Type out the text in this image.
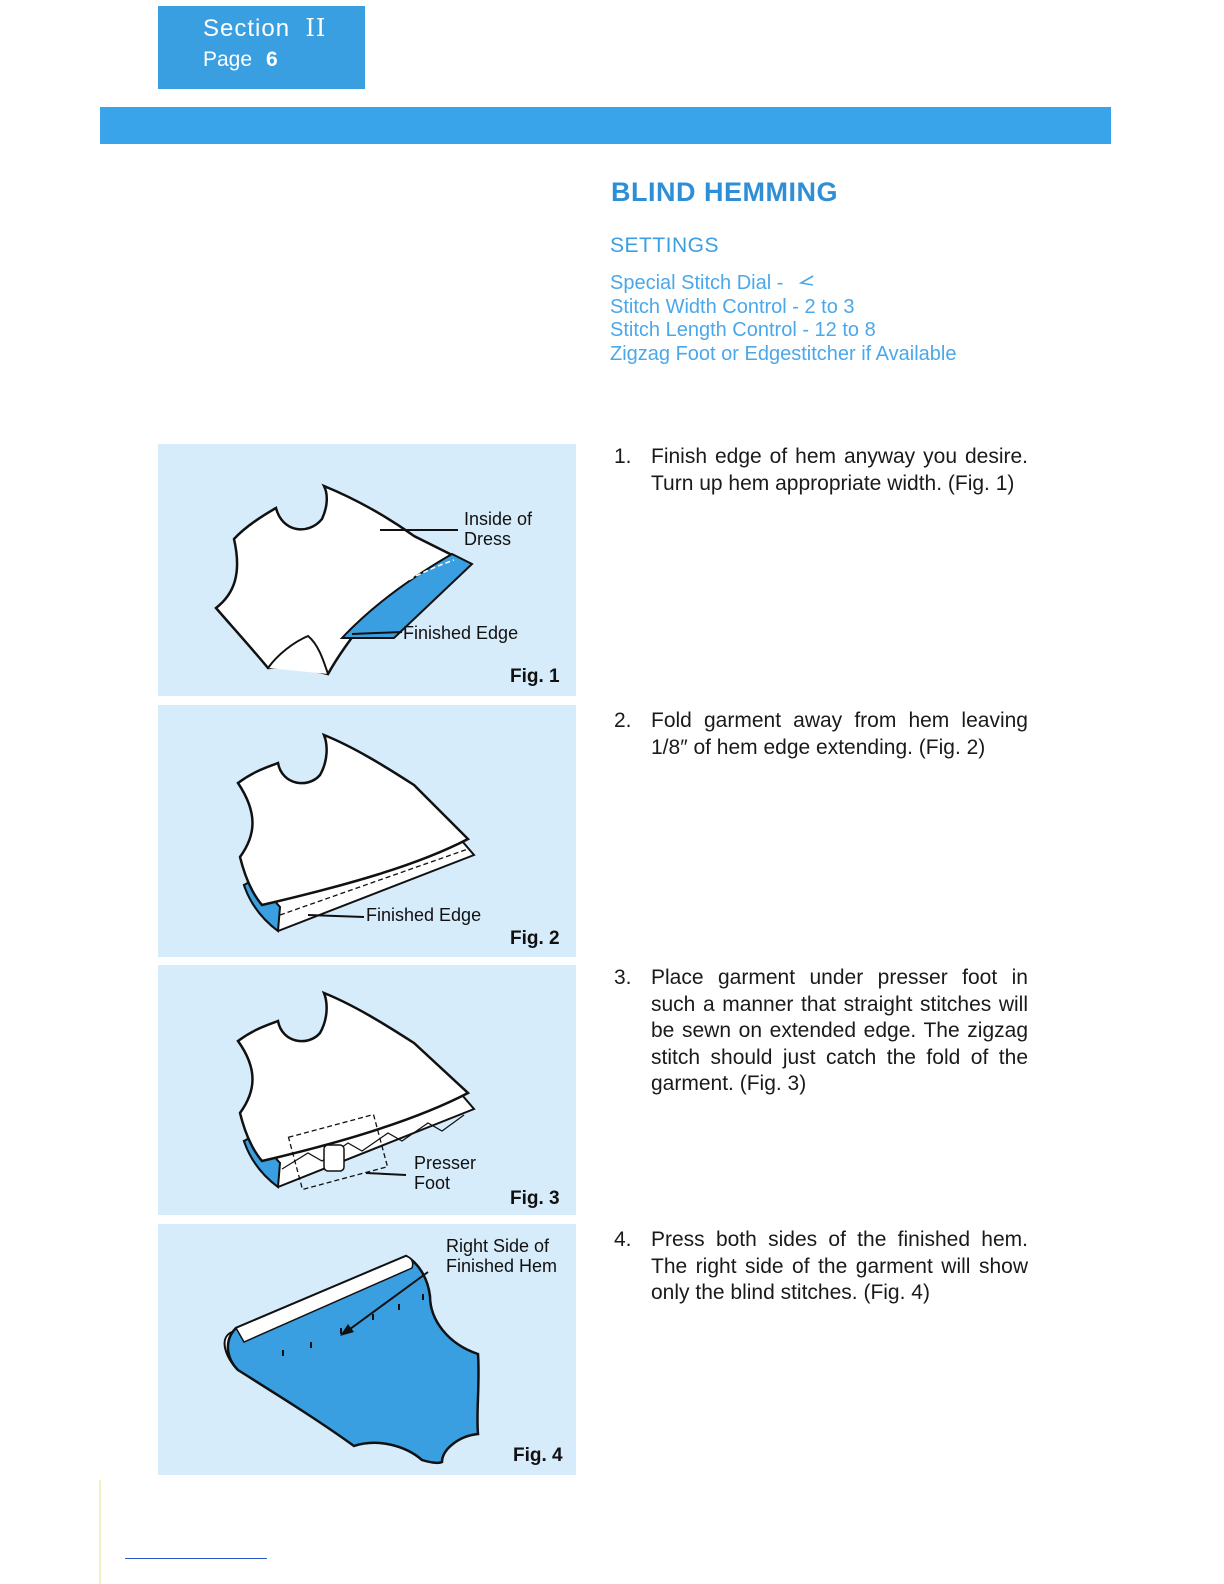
Section II
Page 6
BLIND HEMMING
SETTINGS
Special Stitch Dial -
Stitch Width Control - 2 to 3
Stitch Length Control - 12 to 8
Zigzag Foot or Edgestitcher if Available
1. Finish edge of hem anyway you desire. Turn up hem appropriate width. (Fig. 1)
2. Fold garment away from hem leaving 1/8″ of hem edge extending. (Fig. 2)
3. Place garment under presser foot in such a manner that straight stitches will be sewn on extended edge. The zigzag stitch should just catch the fold of the garment. (Fig. 3)
4. Press both sides of the finished hem. The right side of the garment will show only the blind stitches. (Fig. 4)
Inside of
Dress
Finished Edge
Fig. 1
Finished Edge
Fig. 2
Presser
Foot
Fig. 3
Right Side of
Finished Hem
Fig. 4
